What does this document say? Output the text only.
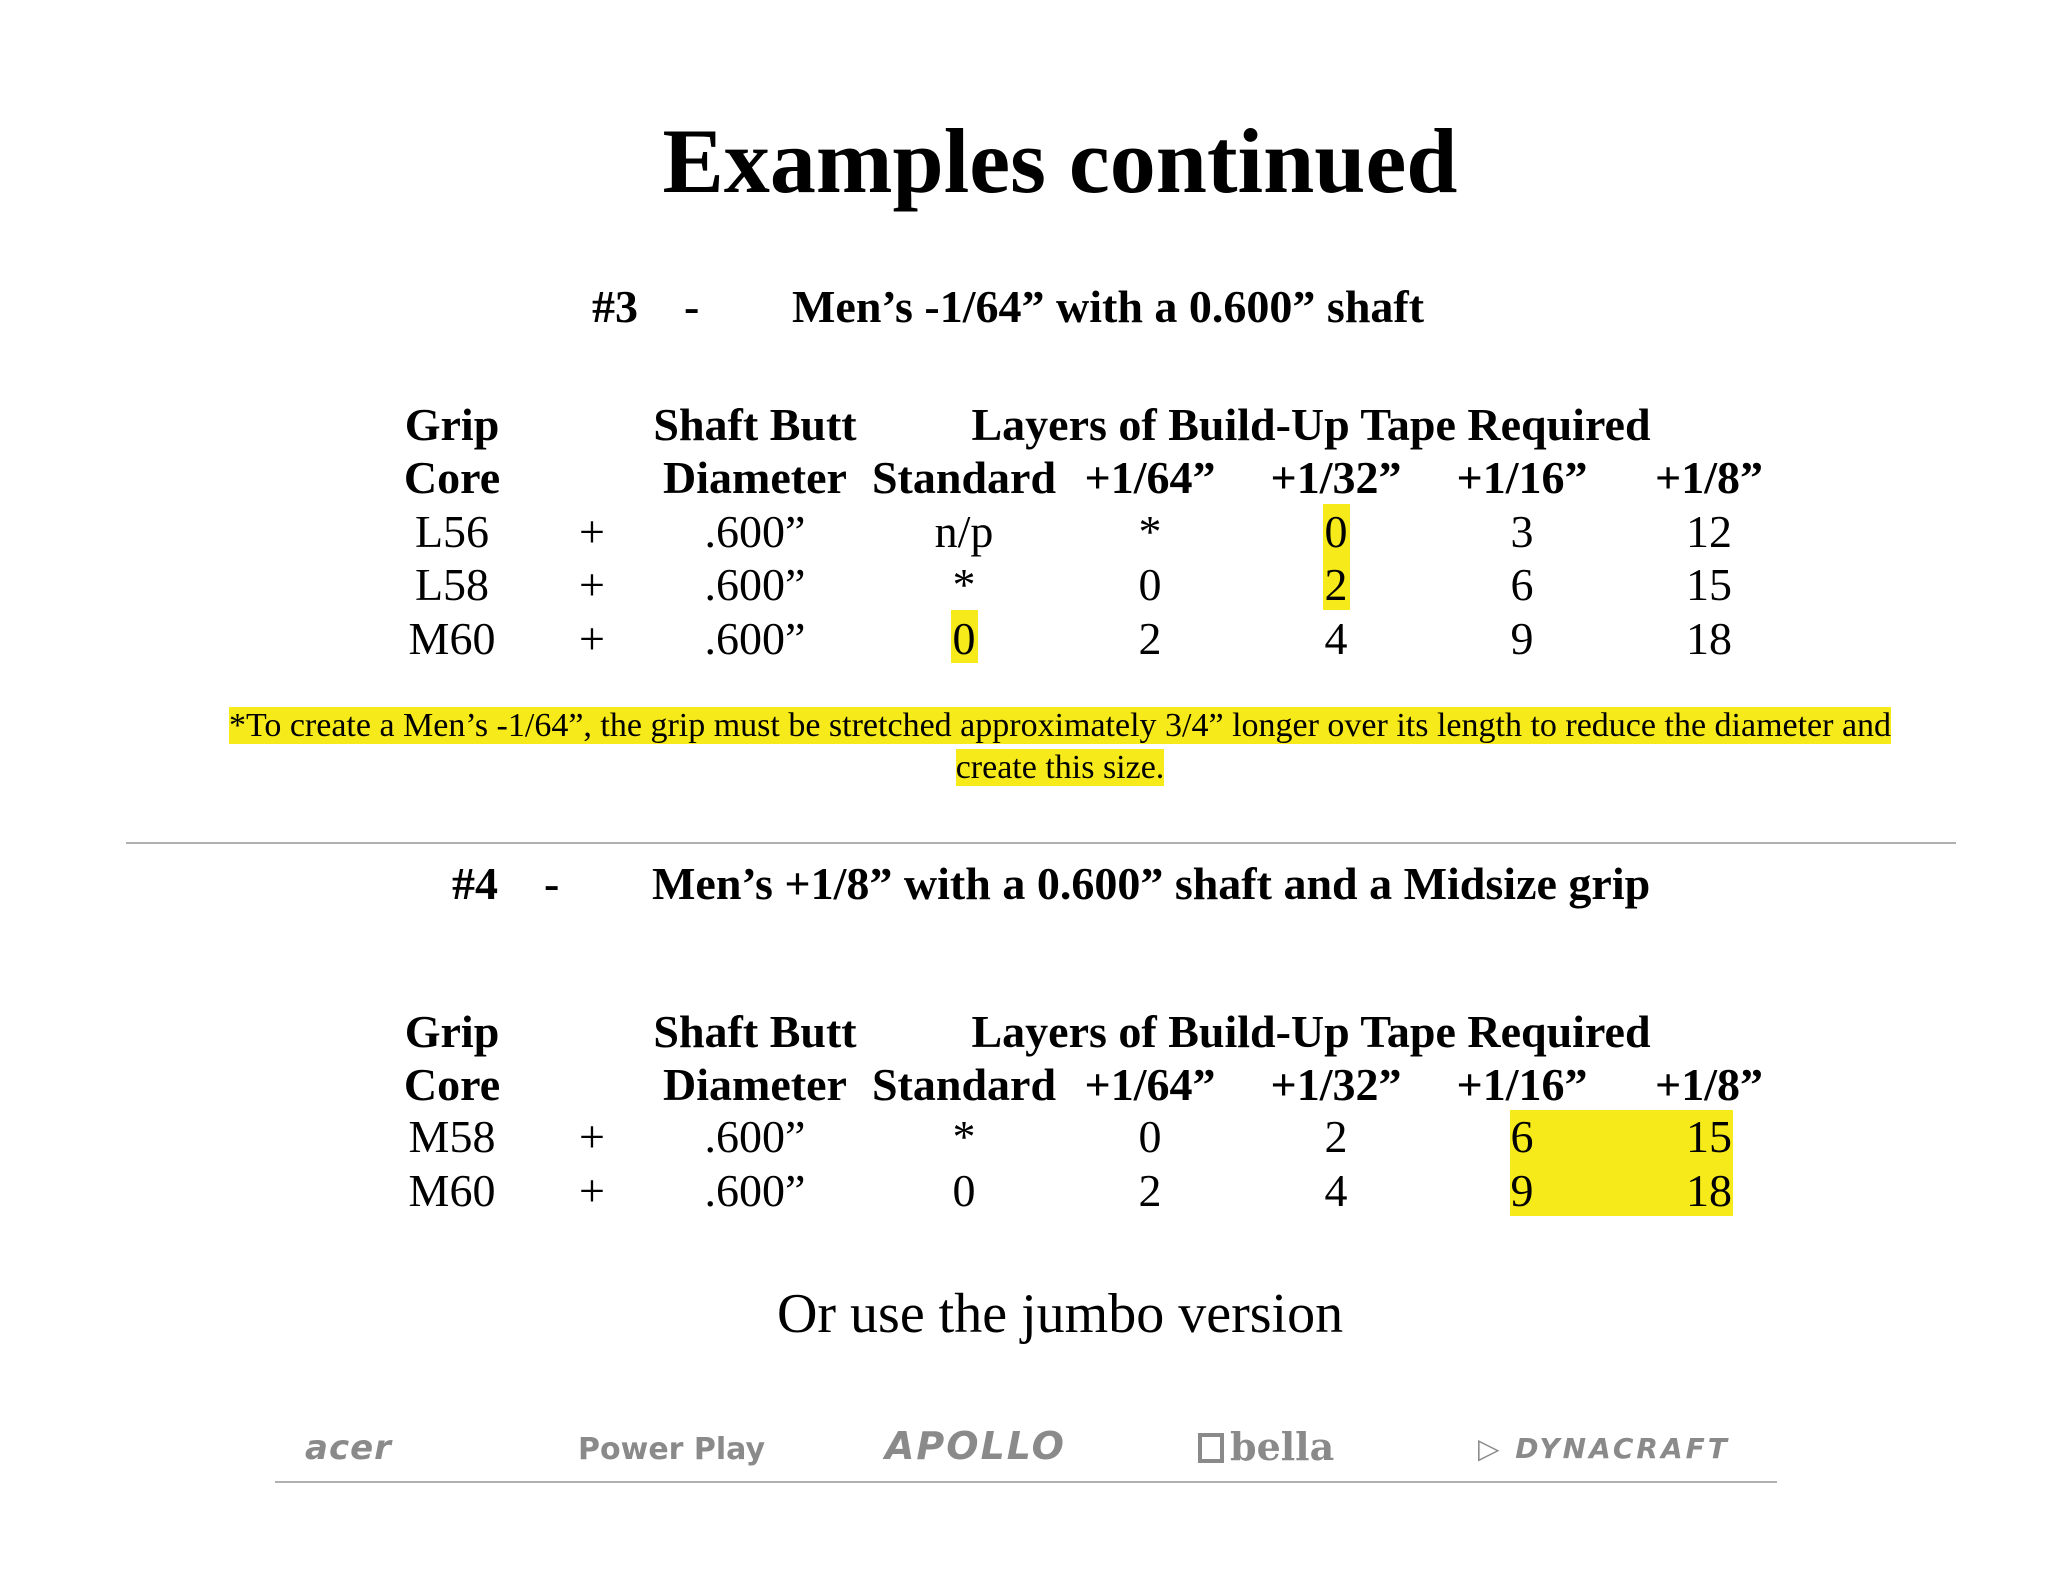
Examples continued
#3 - Men’s -1/64” with a 0.600” shaft
Grip
Core
Shaft Butt
Diameter
Layers of Build-Up Tape Required
Standard +1/64” +1/32” +1/16” +1/8”
L56 + .600”	n/p	*	0	3	12
L58 + .600”	*	0	2	6	15
M60 + .600”	0	2	4	9	18
*To create a Men’s -1/64”, the grip must be stretched approximately 3/4” longer over its length to reduce the diameter and
create this size.
#4 - Men’s +1/8” with a 0.600” shaft and a Midsize grip
Grip
Core
Shaft Butt
Diameter
Layers of Build-Up Tape Required
Standard +1/64” +1/32” +1/16” +1/8”
M58 + .600”	*	0	2	6	15
M60 + .600”	0	2	4	9	18
Or use the jumbo version
acer	Power Play	APOLLO	bella	▷ DYNACRAFT
